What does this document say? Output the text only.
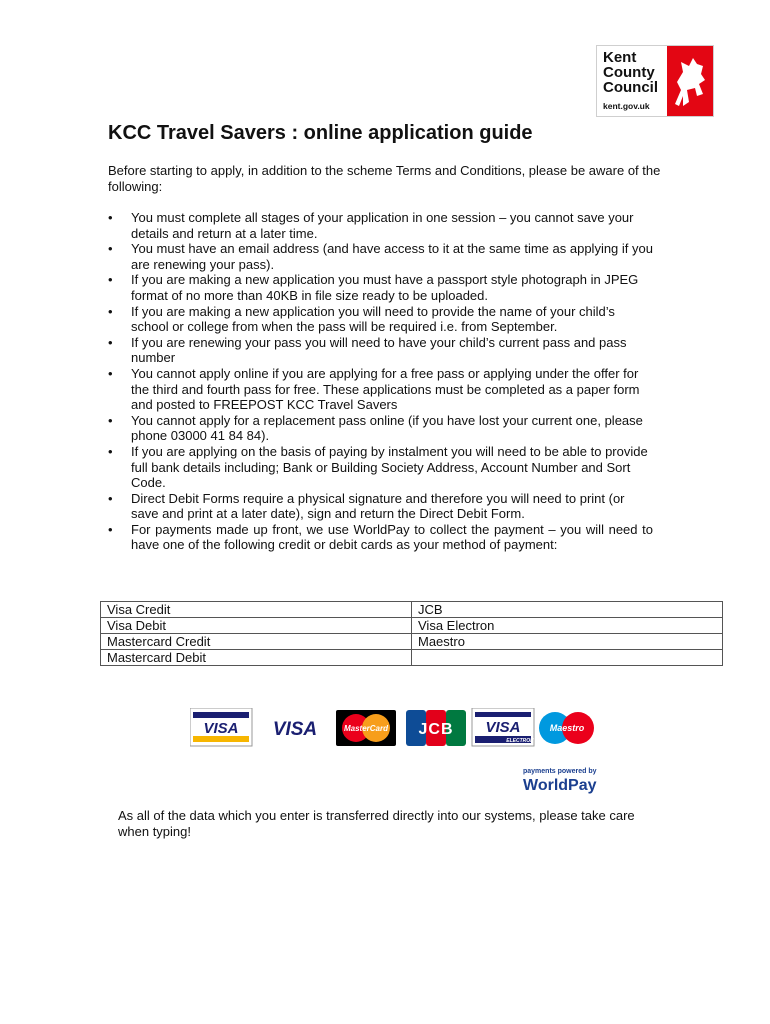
Kent
County
Council
kent.gov.uk
KCC Travel Savers : online application guide

Before starting to apply, in addition to the scheme Terms and Conditions, please be aware of the following:

• You must complete all stages of your application in one session – you cannot save your details and return at a later time.
• You must have an email address (and have access to it at the same time as applying if you are renewing your pass).
• If you are making a new application you must have a passport style photograph in JPEG format of no more than 40KB in file size ready to be uploaded.
• If you are making a new application you will need to provide the name of your child’s school or college from when the pass will be required i.e. from September.
• If you are renewing your pass you will need to have your child’s current pass and pass number
• You cannot apply online if you are applying for a free pass or applying under the offer for the third and fourth pass for free. These applications must be completed as a paper form and posted to FREEPOST KCC Travel Savers
• You cannot apply for a replacement pass online (if you have lost your current one, please phone 03000 41 84 84).
• If you are applying on the basis of paying by instalment you will need to be able to provide full bank details including; Bank or Building Society Address, Account Number and Sort Code.
• Direct Debit Forms require a physical signature and therefore you will need to print (or save and print at a later date), sign and return the Direct Debit Form.
• For payments made up front, we use WorldPay to collect the payment – you will need to have one of the following credit or debit cards as your method of payment:
Visa Credit	JCB
Visa Debit	Visa Electron
Mastercard Credit	Maestro
Mastercard Debit	
VISA VISA	MasterCard JCB VISA
ELECTRON
Maestro
payments powered by
WorldPay

As all of the data which you enter is transferred directly into our systems, please take care when typing!
